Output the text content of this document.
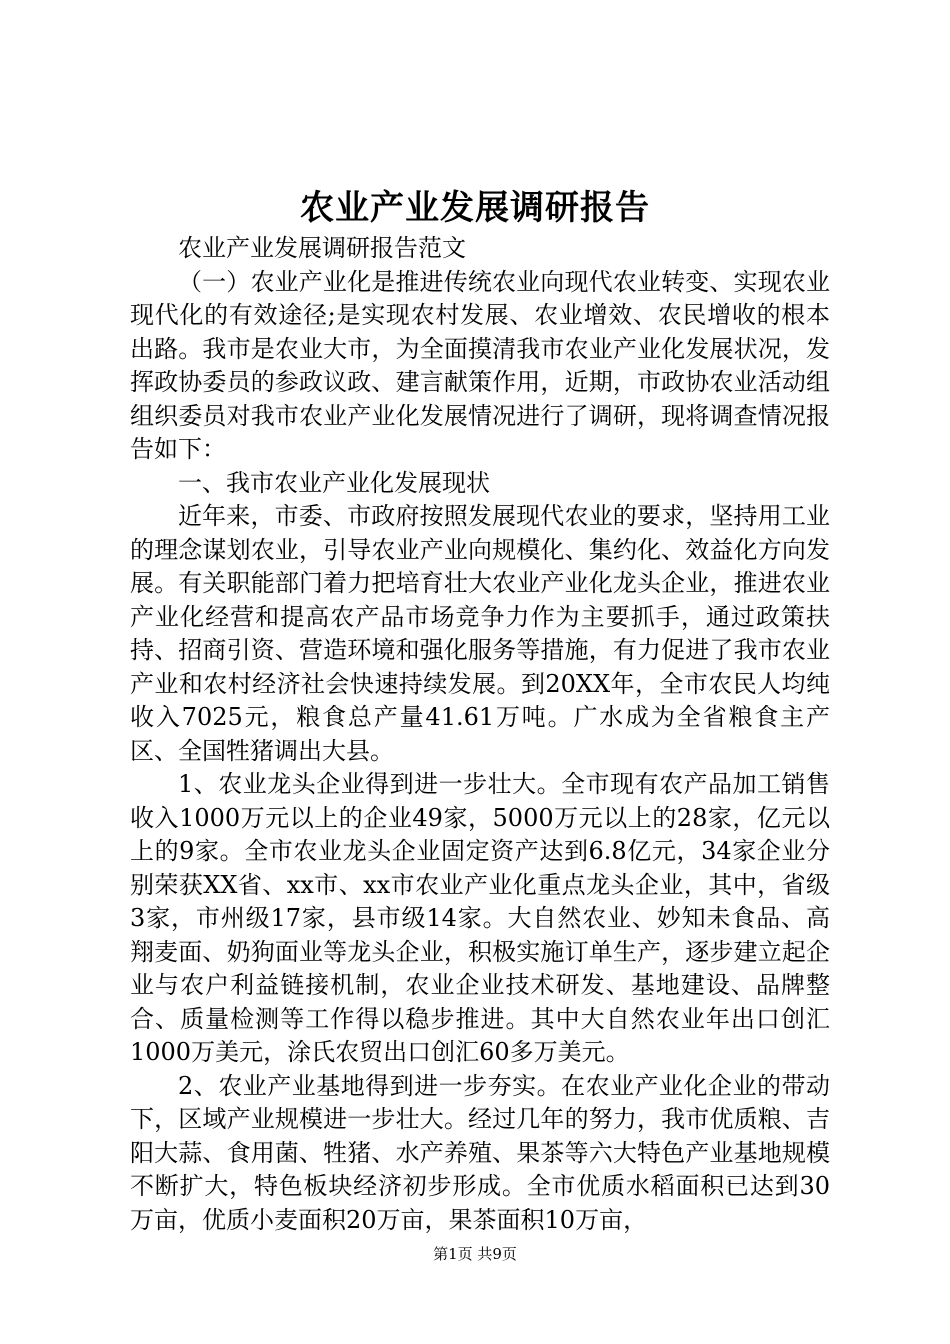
农业产业发展调研报告

农业产业发展调研报告范文

（一）农业产业化是推进传统农业向现代农业转变、实现农业现代化的有效途径;是实现农村发展、农业增效、农民增收的根本出路。我市是农业大市，为全面摸清我市农业产业化发展状况，发挥政协委员的参政议政、建言献策作用，近期，市政协农业活动组组织委员对我市农业产业化发展情况进行了调研，现将调查情况报告如下：

一、我市农业产业化发展现状

近年来，市委、市政府按照发展现代农业的要求，坚持用工业的理念谋划农业，引导农业产业向规模化、集约化、效益化方向发展。有关职能部门着力把培育壮大农业产业化龙头企业，推进农业产业化经营和提高农产品市场竞争力作为主要抓手，通过政策扶持、招商引资、营造环境和强化服务等措施，有力促进了我市农业产业和农村经济社会快速持续发展。到20XX年，全市农民人均纯收入7025元，粮食总产量41.61万吨。广水成为全省粮食主产区、全国牲猪调出大县。

1、农业龙头企业得到进一步壮大。全市现有农产品加工销售收入1000万元以上的企业49家，5000万元以上的28家，亿元以上的9家。全市农业龙头企业固定资产达到6.8亿元，34家企业分别荣获XX省、xx市、xx市农业产业化重点龙头企业，其中，省级3家，市州级17家，县市级14家。大自然农业、妙知未食品、高翔麦面、奶狗面业等龙头企业，积极实施订单生产，逐步建立起企业与农户利益链接机制，农业企业技术研发、基地建设、品牌整合、质量检测等工作得以稳步推进。其中大自然农业年出口创汇1000万美元，涂氏农贸出口创汇60多万美元。

2、农业产业基地得到进一步夯实。在农业产业化企业的带动下，区域产业规模进一步壮大。经过几年的努力，我市优质粮、吉阳大蒜、食用菌、牲猪、水产养殖、果茶等六大特色产业基地规模不断扩大，特色板块经济初步形成。全市优质水稻面积已达到30万亩，优质小麦面积20万亩，果茶面积10万亩，

第1页 共9页
